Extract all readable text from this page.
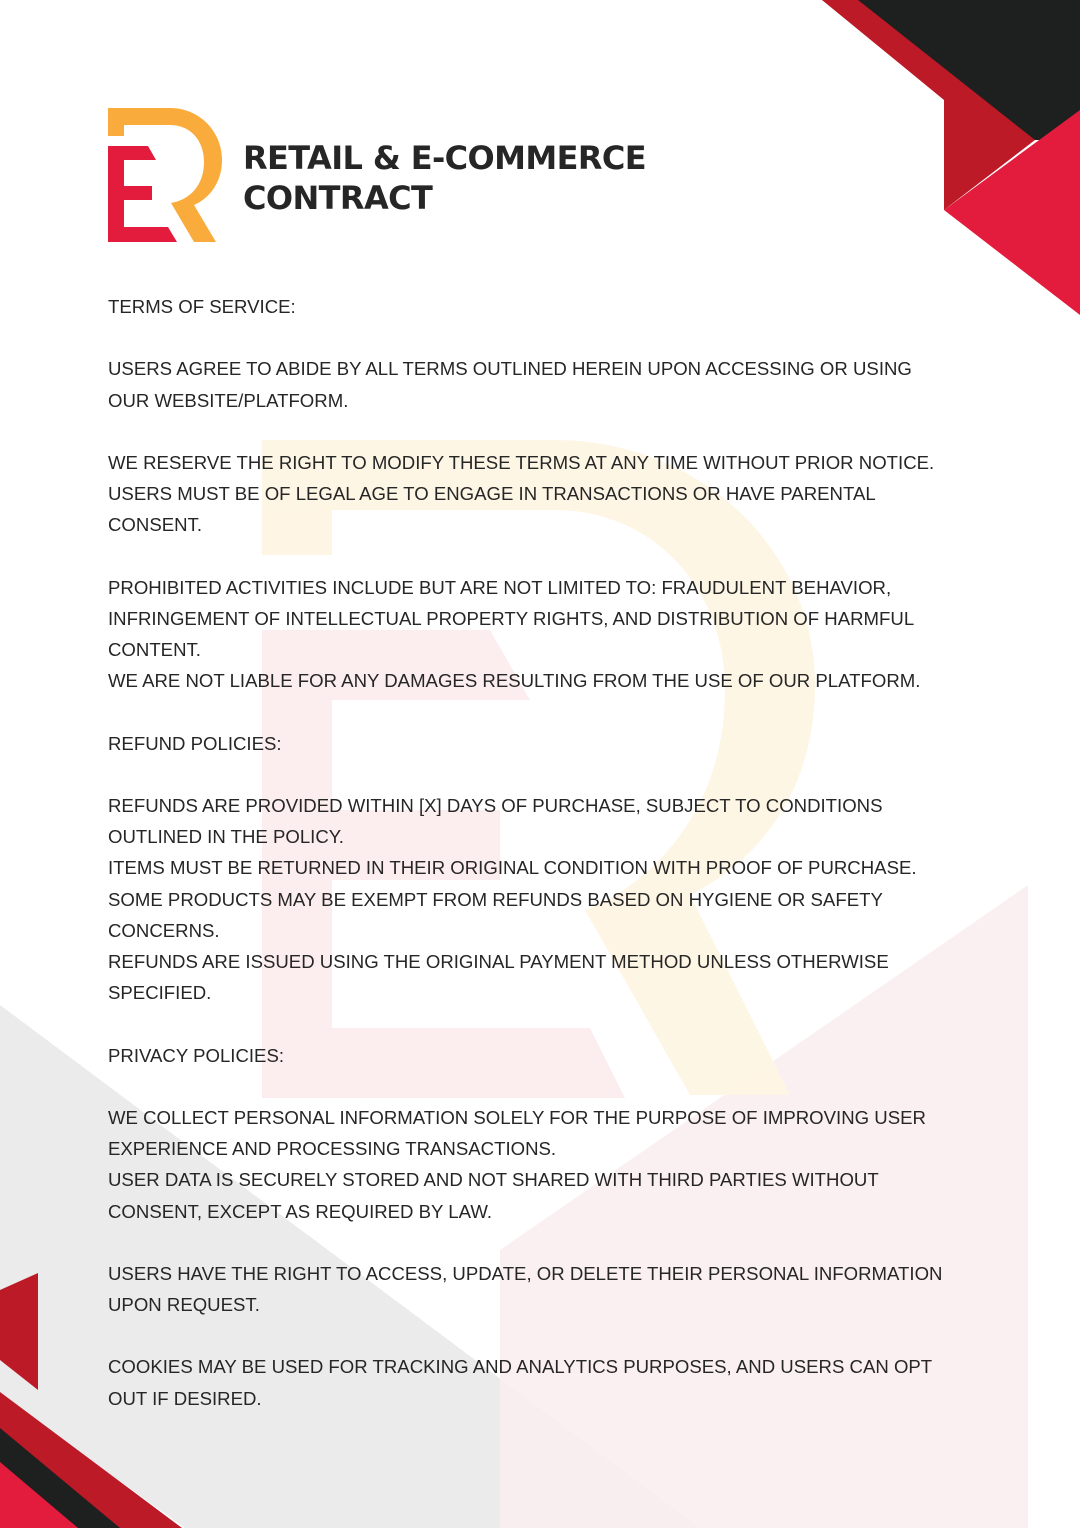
RETAIL & E-COMMERCE
CONTRACT
TERMS OF SERVICE:
USERS AGREE TO ABIDE BY ALL TERMS OUTLINED HEREIN UPON ACCESSING OR USING
OUR WEBSITE/PLATFORM.
WE RESERVE THE RIGHT TO MODIFY THESE TERMS AT ANY TIME WITHOUT PRIOR NOTICE.
USERS MUST BE OF LEGAL AGE TO ENGAGE IN TRANSACTIONS OR HAVE PARENTAL
CONSENT.
PROHIBITED ACTIVITIES INCLUDE BUT ARE NOT LIMITED TO: FRAUDULENT BEHAVIOR,
INFRINGEMENT OF INTELLECTUAL PROPERTY RIGHTS, AND DISTRIBUTION OF HARMFUL
CONTENT.
WE ARE NOT LIABLE FOR ANY DAMAGES RESULTING FROM THE USE OF OUR PLATFORM.
REFUND POLICIES:
REFUNDS ARE PROVIDED WITHIN [X] DAYS OF PURCHASE, SUBJECT TO CONDITIONS
OUTLINED IN THE POLICY.
ITEMS MUST BE RETURNED IN THEIR ORIGINAL CONDITION WITH PROOF OF PURCHASE.
SOME PRODUCTS MAY BE EXEMPT FROM REFUNDS BASED ON HYGIENE OR SAFETY
CONCERNS.
REFUNDS ARE ISSUED USING THE ORIGINAL PAYMENT METHOD UNLESS OTHERWISE
SPECIFIED.
PRIVACY POLICIES:
WE COLLECT PERSONAL INFORMATION SOLELY FOR THE PURPOSE OF IMPROVING USER
EXPERIENCE AND PROCESSING TRANSACTIONS.
USER DATA IS SECURELY STORED AND NOT SHARED WITH THIRD PARTIES WITHOUT
CONSENT, EXCEPT AS REQUIRED BY LAW.
USERS HAVE THE RIGHT TO ACCESS, UPDATE, OR DELETE THEIR PERSONAL INFORMATION
UPON REQUEST.
COOKIES MAY BE USED FOR TRACKING AND ANALYTICS PURPOSES, AND USERS CAN OPT
OUT IF DESIRED.
